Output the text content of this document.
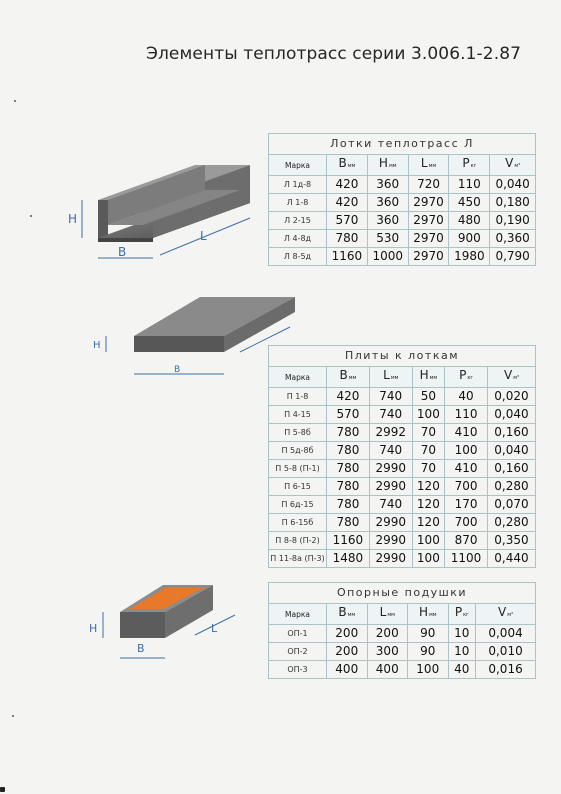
Элементы теплотрасс серии 3.006.1-2.87
H
B
L
H
B
H
B
L
Лотки теплотрасс Л					
Марка	Bмм	Hмм	Lмм	Pкг	Vм³
Л 1д-8	420	360	720	110	0,040
Л 1-8	420	360	2970	450	0,180
Л 2-15	570	360	2970	480	0,190
Л 4-8д	780	530	2970	900	0,360
Л 8-5д	1160	1000	2970	1980	0,790
Плиты к лоткам					
Марка	Bмм	Lмм	Hмм	Pкг	Vм³
П 1-8	420	740	50	40	0,020
П 4-15	570	740	100	110	0,040
П 5-8б	780	2992	70	410	0,160
П 5д-8б	780	740	70	100	0,040
П 5-8 (П-1)	780	2990	70	410	0,160
П 6-15	780	2990	120	700	0,280
П 6д-15	780	740	120	170	0,070
П 6-15б	780	2990	120	700	0,280
П 8-8 (П-2)	1160	2990	100	870	0,350
П 11-8а (П-3)	1480	2990	100	1100	0,440
Опорные подушки					
Марка	Bмм	Lмм	Hмм	Pкг	Vм³
ОП-1	200	200	90	10	0,004
ОП-2	200	300	90	10	0,010
ОП-3	400	400	100	40	0,016
